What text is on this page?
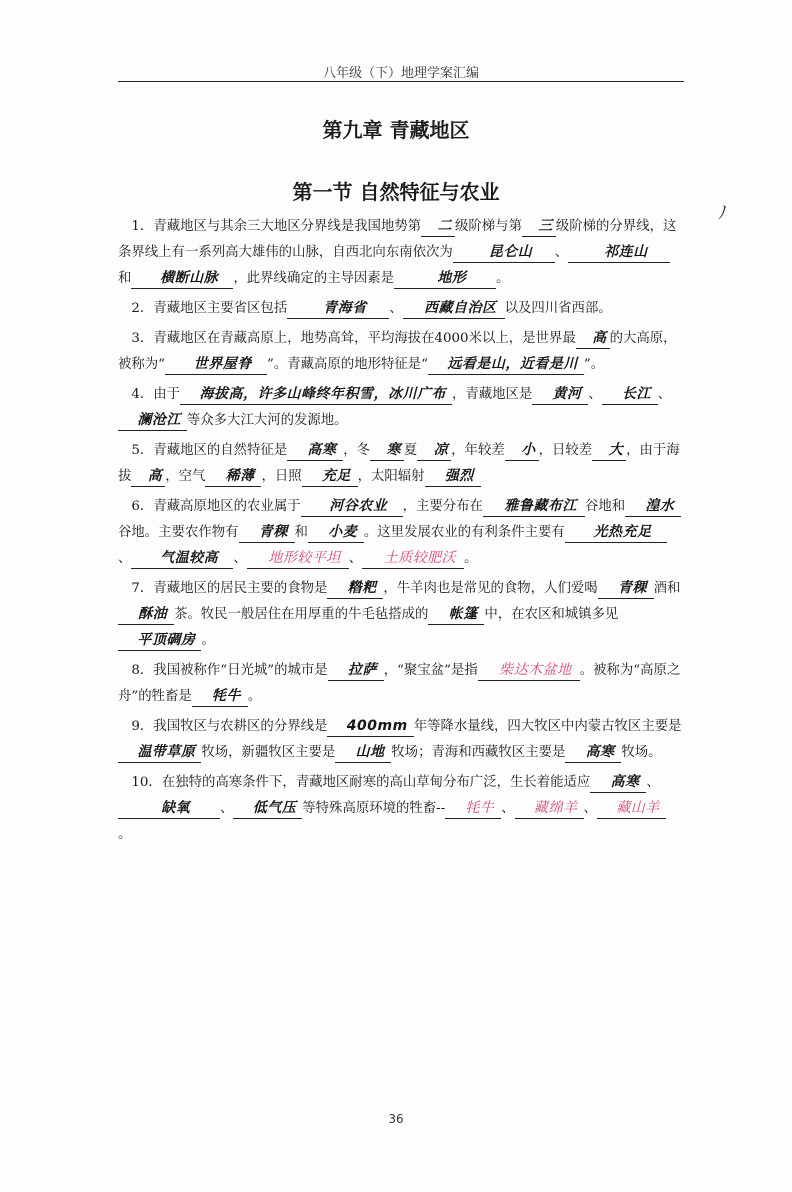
八年级（下）地理学案汇编
第九章 青藏地区
第一节 自然特征与农业
ﾉ

1．青藏地区与其余三大地区分界线是我国地势第 二 级阶梯与第 三 级阶梯的分界线，这条界线上有一系列高大雄伟的山脉，自西北向东南依次为	昆仑山 、	祁连山
和 横断山脉 ，此界线确定的主导因素是	地形 。

2．青藏地区主要省区包括	青海省 、 西藏自治区 以及四川省西部。

3．青藏地区在青藏高原上，地势高耸，平均海拔在4000米以上，是世界最 高 的大高原，被称为“ 世界屋脊 ”。青藏高原的地形特征是“ 远看是山，近看是川 ”。

4．由于 海拔高，许多山峰终年积雪，冰川广布 ，青藏地区是 黄河 、 长江 、澜沧江 等众多大江大河的发源地。

5．青藏地区的自然特征是 高寒 ，冬 寒 夏 凉 ，年较差 小 ，日较差 大 ，由于海拔 高 ，空气 稀薄 ，日照 充足 ，太阳辐射 强烈

6．青藏高原地区的农业属于 河谷农业 ，主要分布在 雅鲁藏布江 谷地和 湟水谷地。主要农作物有 青稞 和 小麦 。这里发展农业的有利条件主要有 光热充足
、 气温较高 、 地形较平坦 、 土质较肥沃 。

7．青藏地区的居民主要的食物是 糌粑 ，牛羊肉也是常见的食物，人们爱喝 青稞 酒和酥油 茶。牧民一般居住在用厚重的牛毛毡搭成的 帐篷 中，在农区和城镇多见平顶碉房 。

8．我国被称作“日光城”的城市是 拉萨 ，“聚宝盆”是指 柴达木盆地 。被称为“高原之舟”的牲畜是 牦牛 。

9．我国牧区与农耕区的分界线是 400mm 年等降水量线，四大牧区中内蒙古牧区主要是温带草原 牧场，新疆牧区主要是 山地 牧场；青海和西藏牧区主要是 高寒 牧场。

10．在独特的高寒条件下，青藏地区耐寒的高山草甸分布广泛，生长着能适应 高寒 、
缺氧 、 低气压 等特殊高原环境的牲畜-- 牦牛 、 藏绵羊 、 藏山羊
。

36
